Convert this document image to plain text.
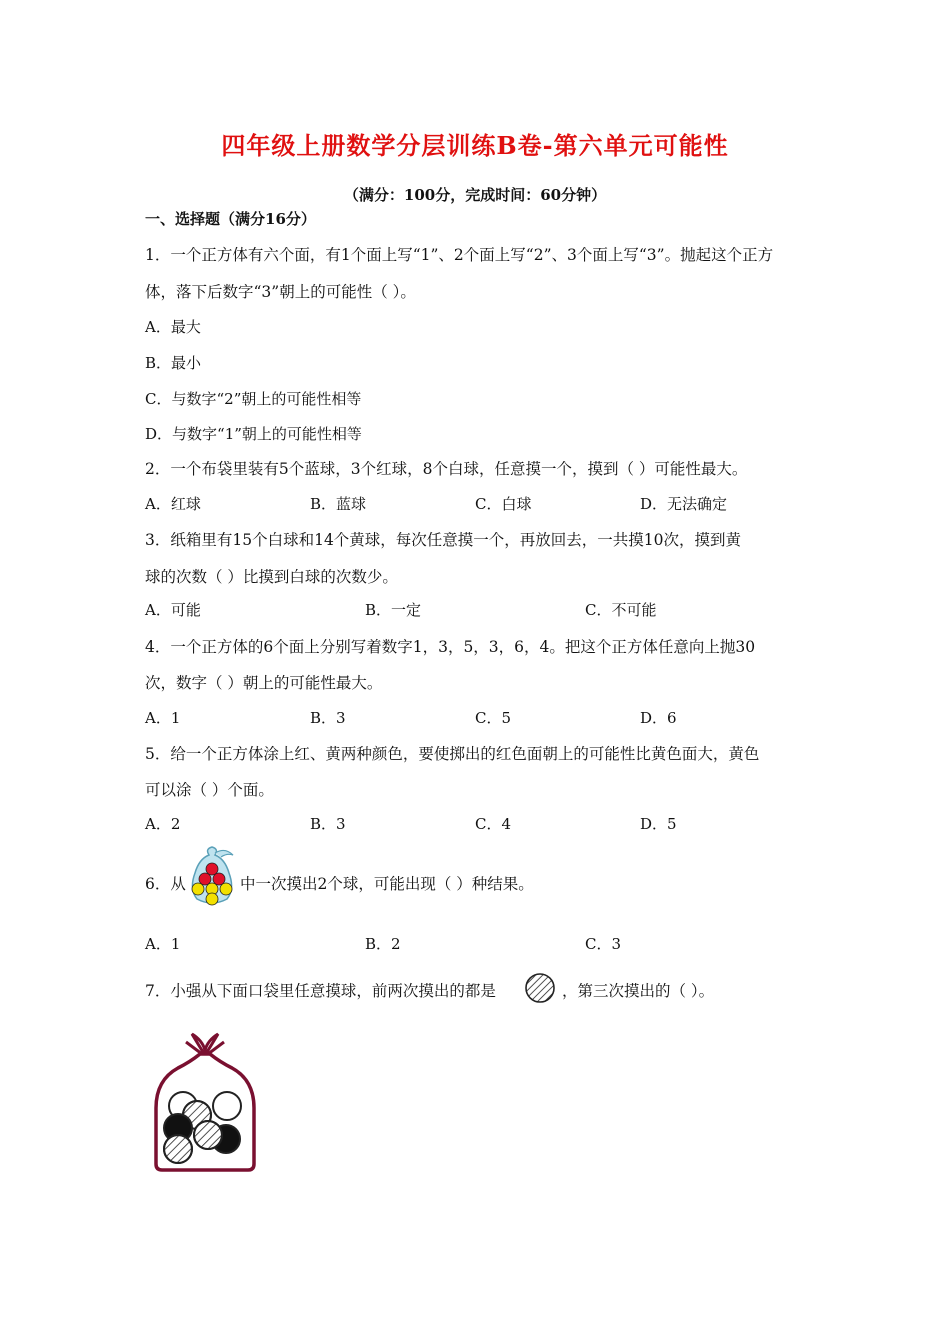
四年级上册数学分层训练B卷-第六单元可能性
（满分：100分，完成时间：60分钟）
一、选择题（满分16分）
1．一个正方体有六个面，有1个面上写“1”、2个面上写“2”、3个面上写“3”。抛起这个正方
体，落下后数字“3”朝上的可能性（ ）。
A．最大
B．最小
C．与数字“2”朝上的可能性相等
D．与数字“1”朝上的可能性相等
2．一个布袋里装有5个蓝球，3个红球，8个白球，任意摸一个，摸到（ ）可能性最大。
A．红球	B．蓝球	C．白球	D．无法确定
3．纸箱里有15个白球和14个黄球，每次任意摸一个，再放回去，一共摸10次，摸到黄
球的次数（ ）比摸到白球的次数少。
A．可能	B．一定	C．不可能
4．一个正方体的6个面上分别写着数字1，3，5，3，6，4。把这个正方体任意向上抛30
次，数字（ ）朝上的可能性最大。
A．1	B．3	C．5	D．6
5．给一个正方体涂上红、黄两种颜色，要使掷出的红色面朝上的可能性比黄色面大，黄色
可以涂（ ）个面。
A．2	B．3	C．4	D．5
6．从	中一次摸出2个球，可能出现（ ）种结果。
A．1	B．2	C．3
7．小强从下面口袋里任意摸球，前两次摸出的都是	，第三次摸出的（ ）。
